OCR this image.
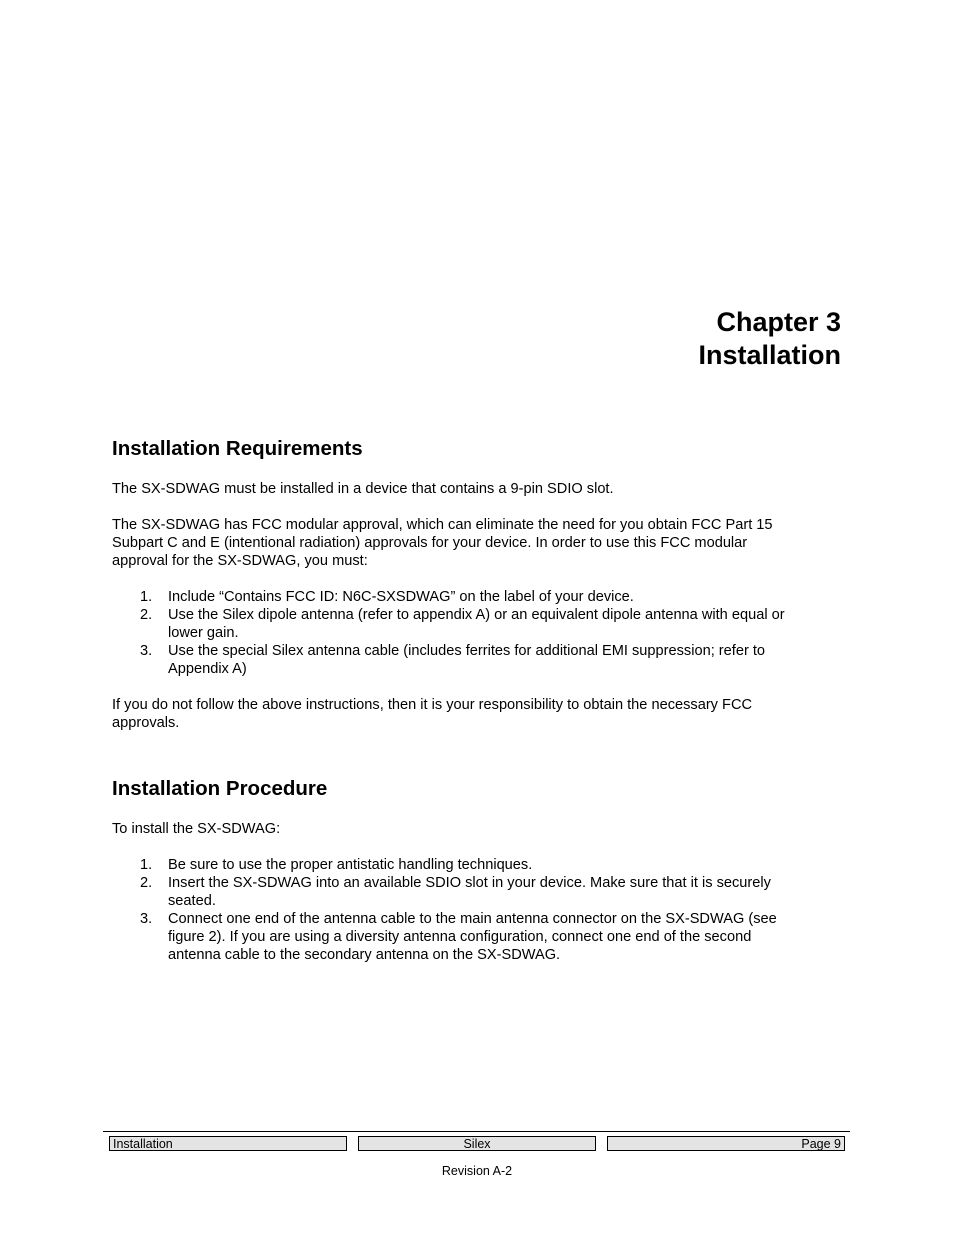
Chapter 3
Installation
Installation Requirements

The SX-SDWAG must be installed in a device that contains a 9-pin SDIO slot.

The SX-SDWAG has FCC modular approval, which can eliminate the need for you obtain FCC Part 15
Subpart C and E (intentional radiation) approvals for your device. In order to use this FCC modular
approval for the SX-SDWAG, you must:

1. Include “Contains FCC ID: N6C-SXSDWAG” on the label of your device.
2. Use the Silex dipole antenna (refer to appendix A) or an equivalent dipole antenna with equal or
lower gain.
3. Use the special Silex antenna cable (includes ferrites for additional EMI suppression; refer to
Appendix A)

If you do not follow the above instructions, then it is your responsibility to obtain the necessary FCC
approvals.

Installation Procedure

To install the SX-SDWAG:

1. Be sure to use the proper antistatic handling techniques.
2. Insert the SX-SDWAG into an available SDIO slot in your device. Make sure that it is securely
seated.
3. Connect one end of the antenna cable to the main antenna connector on the SX-SDWAG (see
figure 2). If you are using a diversity antenna configuration, connect one end of the second
antenna cable to the secondary antenna on the SX-SDWAG.
Installation	Silex	Page 9
Revision A-2
